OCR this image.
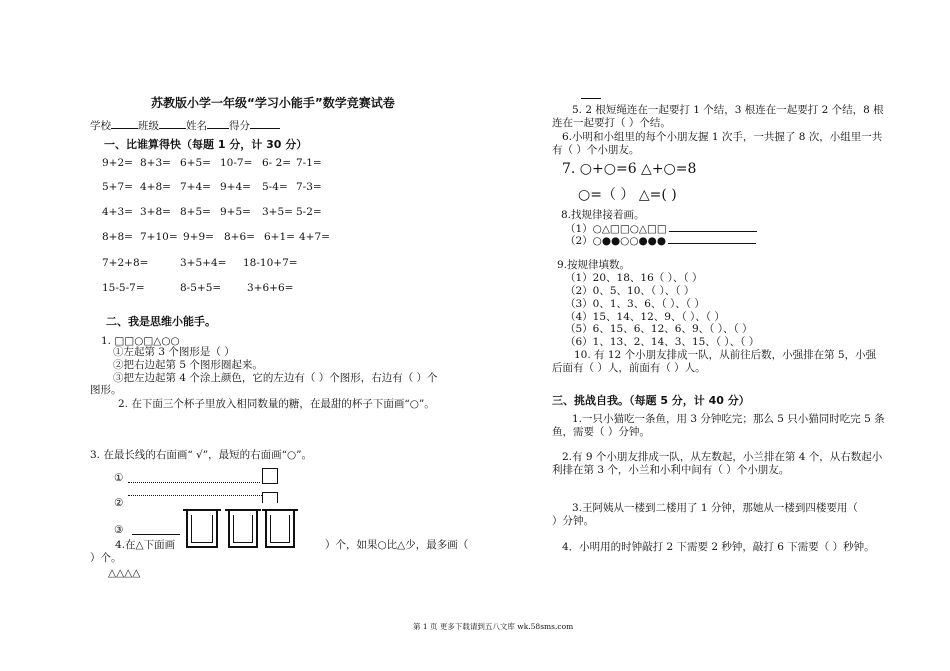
苏教版小学一年级“学习小能手”数学竞赛试卷
学校	班级	姓名 得分
一、比谁算得快（每题 1 分，计 30 分）
9+2= 8+3= 6+5= 10-7= 6- 2= 7-1=
5+7= 4+8= 7+4= 9+4= 5-4= 7-3=
4+3= 3+8= 8+5= 9+5= 3+5= 5-2=
8+8= 7+10= 9+9= 8+6= 6+1= 4+7=
7+2+8=	3+5+4= 18-10+7=
15-5-7=	8-5+5= 3+6+6=
二、我是思维小能手。
1. □□○□△○○
①左起第 3 个图形是（ ）
②把右边起第 5 个图形圈起来。
③把左边起第 4 个涂上颜色，它的左边有（ ）个图形，右边有（ ）个
图形。
2. 在下面三个杯子里放入相同数量的糖，在最甜的杯子下面画“○”。
3. 在最长线的右面画“ √”，最短的右面画“○”。
①
②
③
4.在△下面画	）个，如果○比△少，最多画（
）个。
△△△△
5. 2 根短绳连在一起要打 1 个结，3 根连在一起要打 2 个结，8 根
连在一起要打（ ）个结。
6.小明和小组里的每个小朋友握 1 次手，一共握了 8 次，小组里一共
有（ ）个小朋友。
7. ○+○=6 △+○=8
○=（ ） △=( )
8.找规律接着画。
（1）○△□□○△□□
（2）○●●○○●●●
9.按规律填数。
（1）20、18、16（ ）、（ ）
（2）0、5、10、（ ）、（ ）
（3）0、1、3、6、（ ）、（ ）
（4）15、14、12、9、（ ）、（ ）
（5）6、15、6、12、6、9、（ ）、（ ）
（6）1、13、2、14、3、15、（ ）、（ ）
10. 有 12 个小朋友排成一队，从前往后数，小强排在第 5，小强
后面有（ ）人，前面有（ ）人。
三、挑战自我。（每题 5 分，计 40 分）
1.一只小猫吃一条鱼，用 3 分钟吃完；那么 5 只小猫同时吃完 5 条
鱼，需要（ ）分钟。
2.有 9 个小朋友排成一队，从左数起，小兰排在第 4 个，从右数起小
利排在第 3 个，小兰和小利中间有（ ）个小朋友。
3.王阿姨从一楼到二楼用了 1 分钟，那她从一楼到四楼要用（
）分钟。
4．小明用的时钟敲打 2 下需要 2 秒钟，敲打 6 下需要（ ）秒钟。
第 1 页 更多下载请到五八文库 wk.58sms.com
